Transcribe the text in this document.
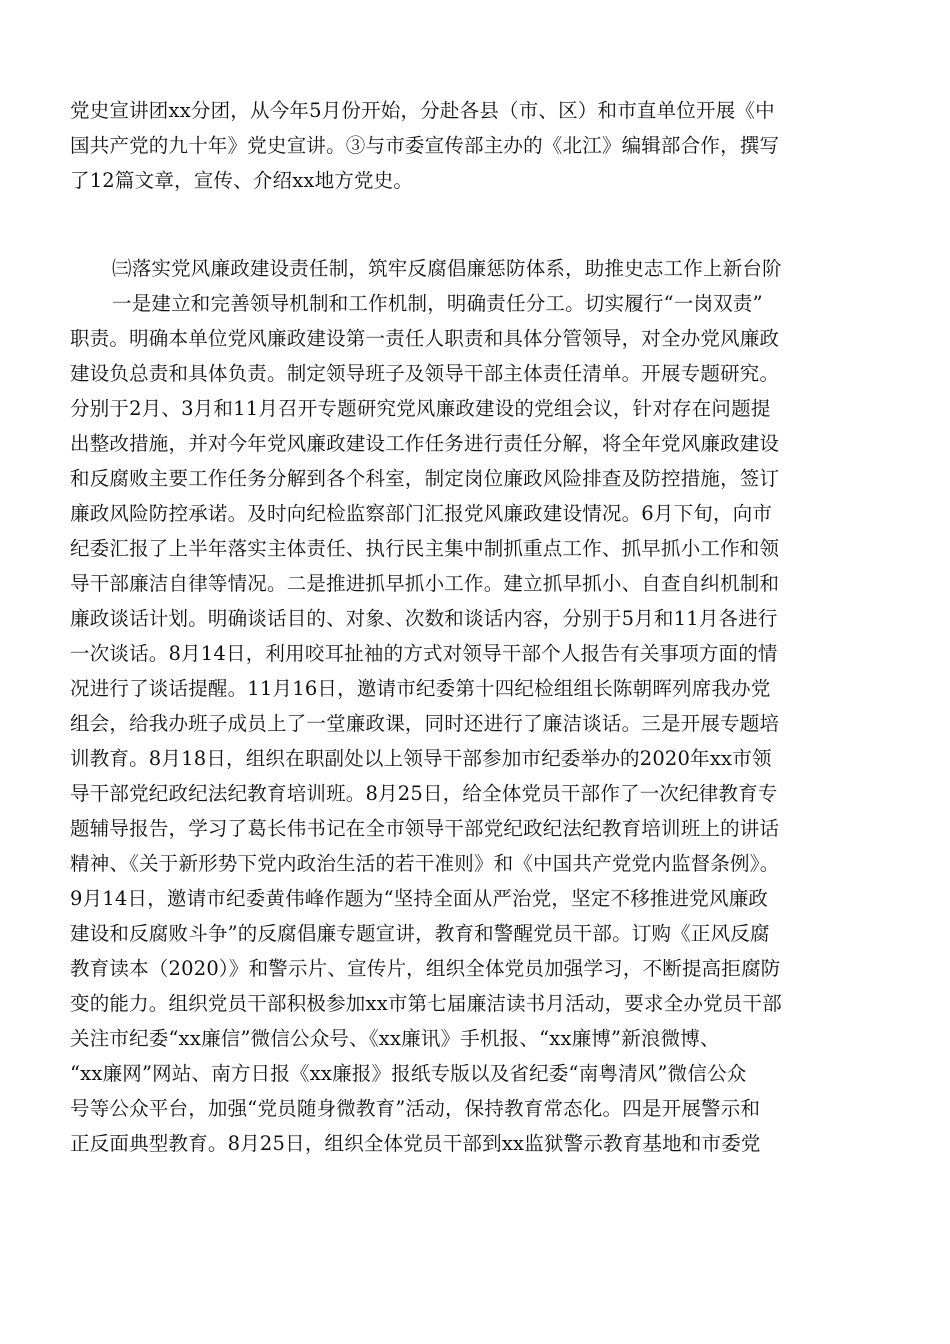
党史宣讲团xx分团，从今年5月份开始，分赴各县（市、区）和市直单位开展《中
国共产党的九十年》党史宣讲。③与市委宣传部主办的《北江》编辑部合作，撰写
了12篇文章，宣传、介绍xx地方党史。
㈢落实党风廉政建设责任制，筑牢反腐倡廉惩防体系，助推史志工作上新台阶
一是建立和完善领导机制和工作机制，明确责任分工。切实履行“一岗双责”
职责。明确本单位党风廉政建设第一责任人职责和具体分管领导，对全办党风廉政
建设负总责和具体负责。制定领导班子及领导干部主体责任清单。开展专题研究。
分别于2月、3月和11月召开专题研究党风廉政建设的党组会议，针对存在问题提
出整改措施，并对今年党风廉政建设工作任务进行责任分解，将全年党风廉政建设
和反腐败主要工作任务分解到各个科室，制定岗位廉政风险排查及防控措施，签订
廉政风险防控承诺。及时向纪检监察部门汇报党风廉政建设情况。6月下旬，向市
纪委汇报了上半年落实主体责任、执行民主集中制抓重点工作、抓早抓小工作和领
导干部廉洁自律等情况。二是推进抓早抓小工作。建立抓早抓小、自查自纠机制和
廉政谈话计划。明确谈话目的、对象、次数和谈话内容，分别于5月和11月各进行
一次谈话。8月14日，利用咬耳扯袖的方式对领导干部个人报告有关事项方面的情
况进行了谈话提醒。11月16日，邀请市纪委第十四纪检组组长陈朝晖列席我办党
组会，给我办班子成员上了一堂廉政课，同时还进行了廉洁谈话。三是开展专题培
训教育。8月18日，组织在职副处以上领导干部参加市纪委举办的2020年xx市领
导干部党纪政纪法纪教育培训班。8月25日，给全体党员干部作了一次纪律教育专
题辅导报告，学习了葛长伟书记在全市领导干部党纪政纪法纪教育培训班上的讲话
精神、《关于新形势下党内政治生活的若干准则》和《中国共产党党内监督条例》。
9月14日，邀请市纪委黄伟峰作题为“坚持全面从严治党，坚定不移推进党风廉政
建设和反腐败斗争”的反腐倡廉专题宣讲，教育和警醒党员干部。订购《正风反腐
教育读本（2020）》和警示片、宣传片，组织全体党员加强学习，不断提高拒腐防
变的能力。组织党员干部积极参加xx市第七届廉洁读书月活动，要求全办党员干部
关注市纪委“xx廉信”微信公众号、《xx廉讯》手机报、“xx廉博”新浪微博、
“xx廉网”网站、南方日报《xx廉报》报纸专版以及省纪委“南粤清风”微信公众
号等公众平台，加强“党员随身微教育”活动，保持教育常态化。四是开展警示和
正反面典型教育。8月25日，组织全体党员干部到xx监狱警示教育基地和市委党
